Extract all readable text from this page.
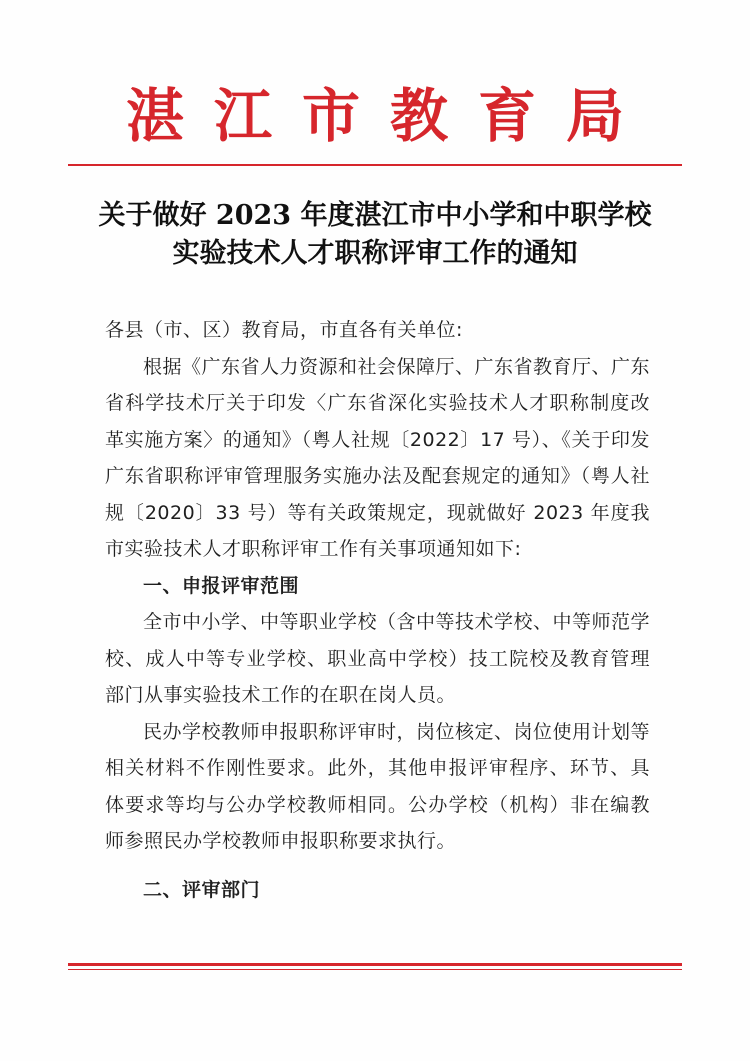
湛江市教育局
关于做好 2023 年度湛江市中小学和中职学校
实验技术人才职称评审工作的通知

各县（市、区）教育局，市直各有关单位:

根据《广东省人力资源和社会保障厅、广东省教育厅、广东省科学技术厅关于印发〈广东省深化实验技术人才职称制度改革实施方案〉的通知》（粤人社规〔2022〕17 号）、《关于印发广东省职称评审管理服务实施办法及配套规定的通知》（粤人社规〔2020〕33 号）等有关政策规定，现就做好 2023 年度我市实验技术人才职称评审工作有关事项通知如下:

一、申报评审范围

全市中小学、中等职业学校（含中等技术学校、中等师范学校、成人中等专业学校、职业高中学校）技工院校及教育管理部门从事实验技术工作的在职在岗人员。

民办学校教师申报职称评审时，岗位核定、岗位使用计划等相关材料不作刚性要求。此外，其他申报评审程序、环节、具体要求等均与公办学校教师相同。公办学校（机构）非在编教师参照民办学校教师申报职称要求执行。

二、评审部门
